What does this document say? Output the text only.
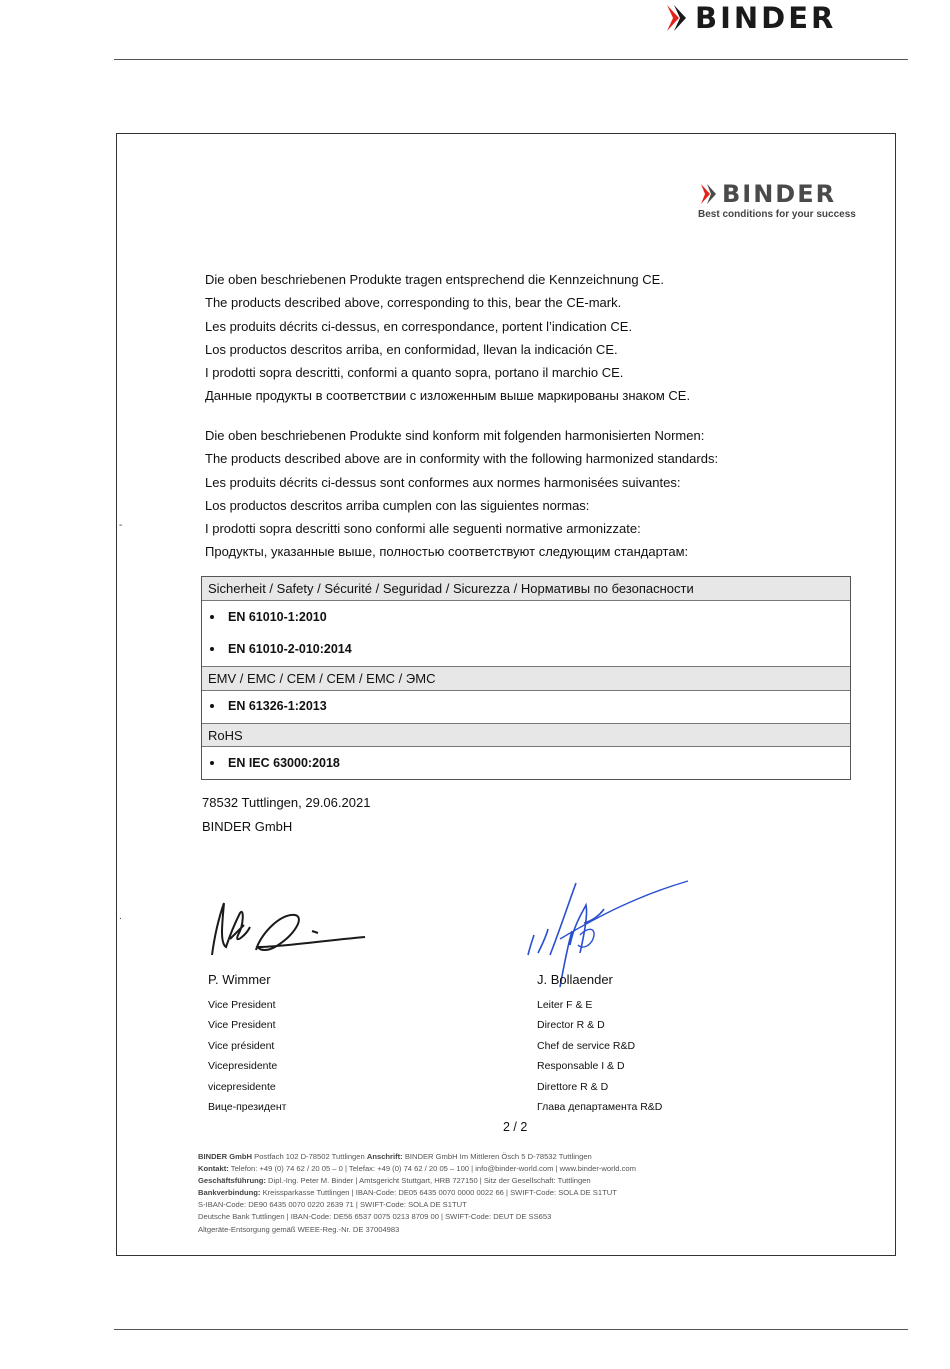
BINDER
BINDER
Best conditions for your success
Die oben beschriebenen Produkte tragen entsprechend die Kennzeichnung CE.
The products described above, corresponding to this, bear the CE-mark.
Les produits décrits ci-dessus, en correspondance, portent l’indication CE.
Los productos descritos arriba, en conformidad, llevan la indicación CE.
I prodotti sopra descritti, conformi a quanto sopra, portano il marchio CE.
Данные продукты в соответствии с изложенным выше маркированы знаком CE.
Die oben beschriebenen Produkte sind konform mit folgenden harmonisierten Normen:
The products described above are in conformity with the following harmonized standards:
Les produits décrits ci-dessus sont conformes aux normes harmonisées suivantes:
Los productos descritos arriba cumplen con las siguientes normas:
I prodotti sopra descritti sono conformi alle seguenti normative armonizzate:
Продукты, указанные выше, полностью соответствуют следующим стандартам:
-
.
Sicherheit / Safety / Sécurité / Seguridad / Sicurezza / Нормативы по безопасности
EN 61010-1:2010
EN 61010-2-010:2014
EMV / EMC / CEM / CEM / EMC / ЭМС
EN 61326-1:2013
RoHS
EN IEC 63000:2018
78532 Tuttlingen, 29.06.2021
BINDER GmbH
P. Wimmer	J. Bollaender
Vice President
Vice President
Vice président
Vicepresidente
vicepresidente
Вице-президент
Leiter F & E
Director R & D
Chef de service R&D
Responsable I & D
Direttore R & D
Глава департамента R&D
2 / 2
BINDER GmbH Postfach 102 D-78502 Tuttlingen Anschrift: BINDER GmbH Im Mittleren Ösch 5 D-78532 Tuttlingen
Kontakt: Telefon: +49 (0) 74 62 / 20 05 – 0 | Telefax: +49 (0) 74 62 / 20 05 – 100 | info@binder-world.com | www.binder-world.com
Geschäftsführung: Dipl.-Ing. Peter M. Binder | Amtsgericht Stuttgart, HRB 727150 | Sitz der Gesellschaft: Tuttlingen
Bankverbindung: Kreissparkasse Tuttlingen | IBAN-Code: DE05 6435 0070 0000 0022 66 | SWIFT-Code: SOLA DE S1TUT
S-IBAN-Code: DE90 6435 0070 0220 2639 71 | SWIFT-Code: SOLA DE S1TUT
Deutsche Bank Tuttlingen | IBAN-Code: DE56 6537 0075 0213 8709 00 | SWIFT-Code: DEUT DE SS653
Altgeräte-Entsorgung gemäß WEEE-Reg.-Nr. DE 37004983
